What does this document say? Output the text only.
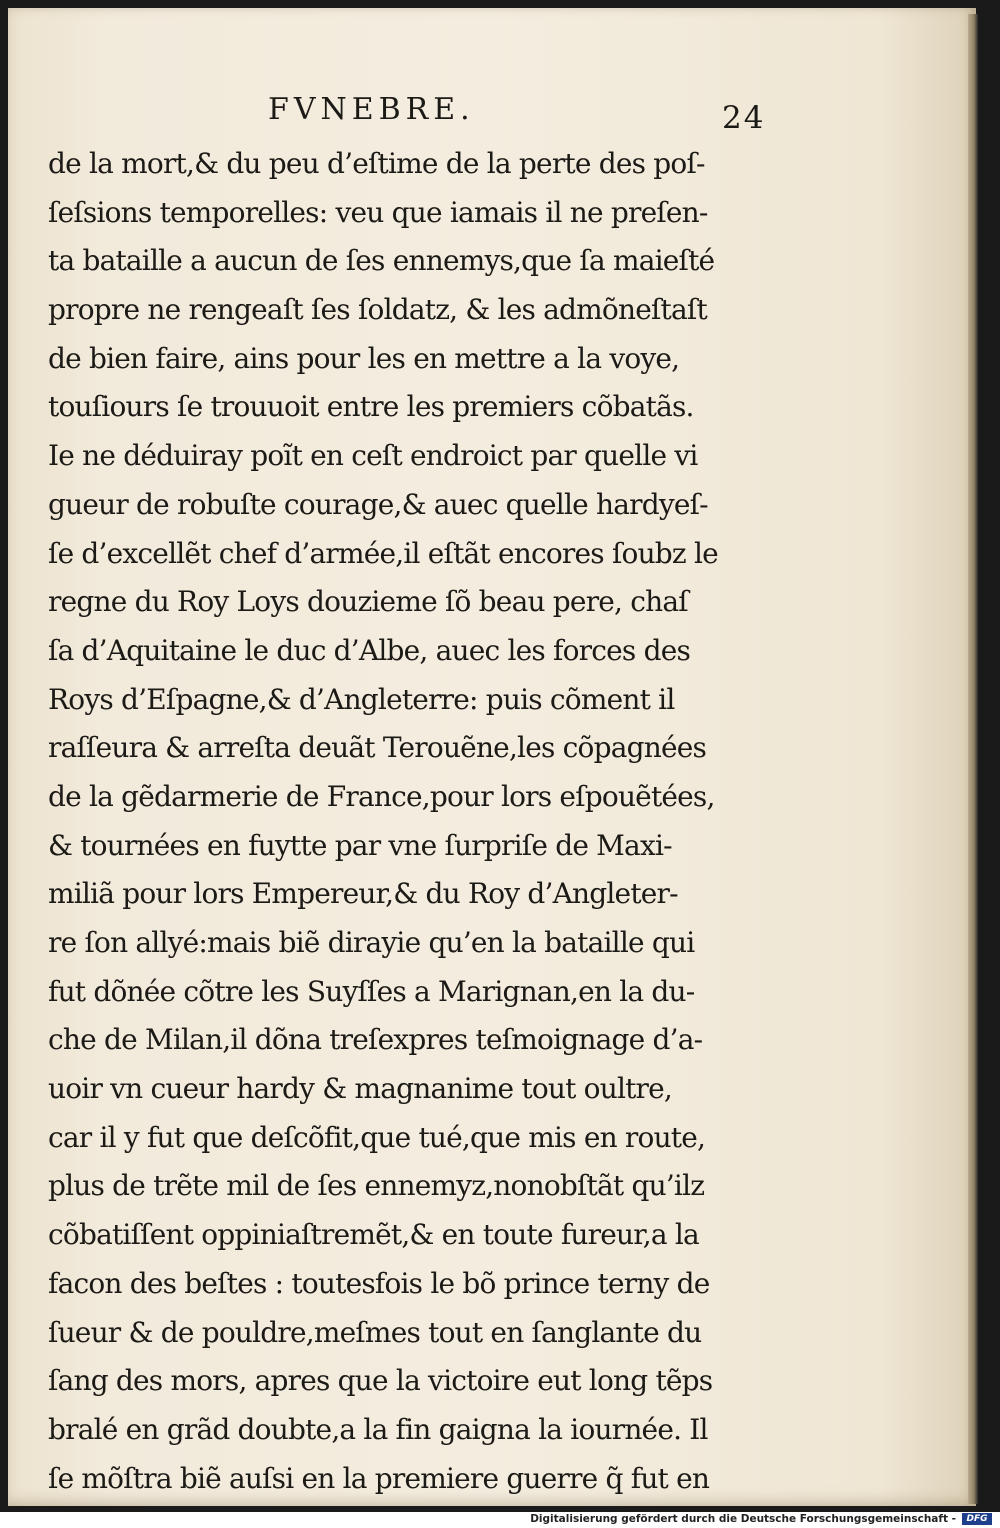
FVNEBRE.	24
de la mort,& du peu d’eſtime de la perte des poſ-
ſeſsions temporelles: veu que iamais il ne preſen-
ta bataille a aucun de ſes ennemys,que ſa maieſté
propre ne rengeaſt ſes ſoldatz, & les admõneſtaſt
de bien faire, ains pour les en mettre a la voye,
touſiours ſe trouuoit entre les premiers cõbatãs.
Ie ne déduiray poĩt en ceſt endroict par quelle vi
gueur de robuſte courage,& auec quelle hardyeſ-
ſe d’excellẽt chef d’armée,il eſtãt encores ſoubz le
regne du Roy Loys douzieme ſõ beau pere, chaſ
ſa d’Aquitaine le duc d’Albe, auec les forces des
Roys d’Eſpagne,& d’Angleterre: puis cõment il
raſſeura & arreſta deuãt Terouẽne,les cõpagnées
de la gẽdarmerie de France,pour lors eſpouẽtées,
& tournées en fuytte par vne ſurpriſe de Maxi-
miliã pour lors Empereur,& du Roy d’Angleter-
re ſon allyé:mais biẽ dirayie qu’en la bataille qui
fut dõnée cõtre les Suyſſes a Marignan,en la du-
che de Milan,il dõna treſexpres teſmoignage d’a-
uoir vn cueur hardy & magnanime tout oultre,
car il y fut que deſcõfit,que tué,que mis en route,
plus de trẽte mil de ſes ennemyz,nonobſtãt qu’ilz
cõbatiſſent oppiniaſtremẽt,& en toute fureur,a la
facon des beſtes : toutesfois le bõ prince terny de
ſueur & de pouldre,meſmes tout en ſanglante du
ſang des mors, apres que la victoire eut long tẽps
bralé en grãd doubte,a la fin gaigna la iournée. Il
ſe mõſtra biẽ auſsi en la premiere guerre q̃ fut en
Digitalisierung gefördert durch die Deutsche Forschungsgemeinschaft -	DFG
